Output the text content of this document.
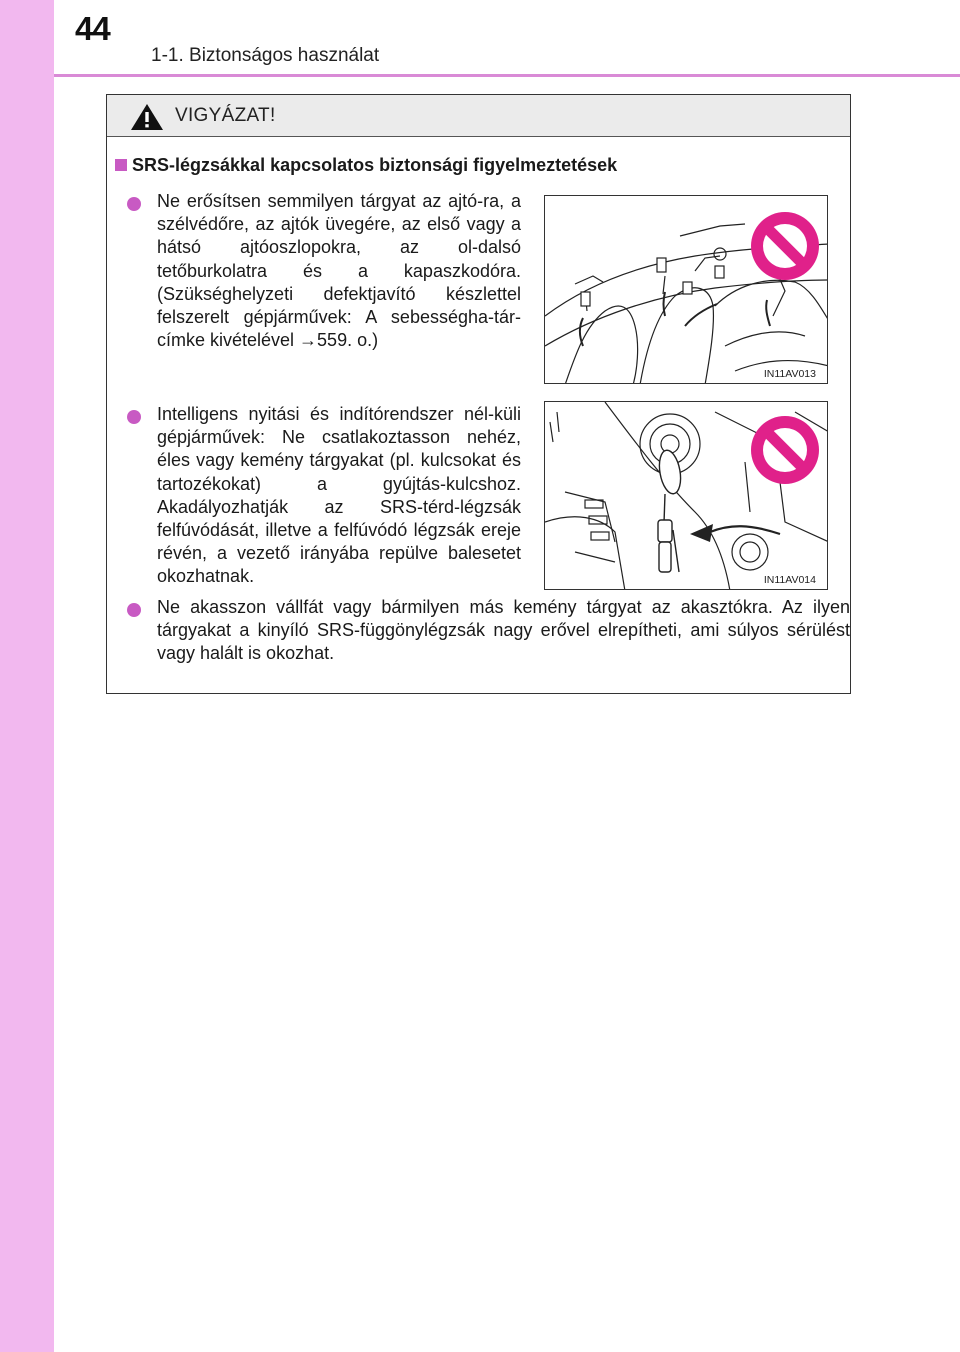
44
1-1. Biztonságos használat
VIGYÁZAT!
SRS-légzsákkal kapcsolatos biztonsági figyelmeztetések
Ne erősítsen semmilyen tárgyat az ajtó-ra, a szélvédőre, az ajtók üvegére, az első vagy a hátsó ajtóoszlopokra, az ol-dalsó tetőburkolatra és a kapaszkodóra. (Szükséghelyzeti defektjavító készlettel felszerelt gépjárművek: A sebességha-tár-címke kivételével →559. o.)
IN11AV013
Intelligens nyitási és indítórendszer nél-küli gépjárművek: Ne csatlakoztasson nehéz, éles vagy kemény tárgyakat (pl. kulcsokat és tartozékokat) a gyújtás-kulcshoz. Akadályozhatják az SRS-térd-légzsák felfúvódását, illetve a felfúvódó légzsák ereje révén, a vezető irányába repülve balesetet okozhatnak.	IN11AV014
Ne akasszon vállfát vagy bármilyen más kemény tárgyat az akasztókra. Az ilyen tárgyakat a kinyíló SRS-függönylégzsák nagy erővel elrepítheti, ami súlyos sérülést vagy halált is okozhat.
